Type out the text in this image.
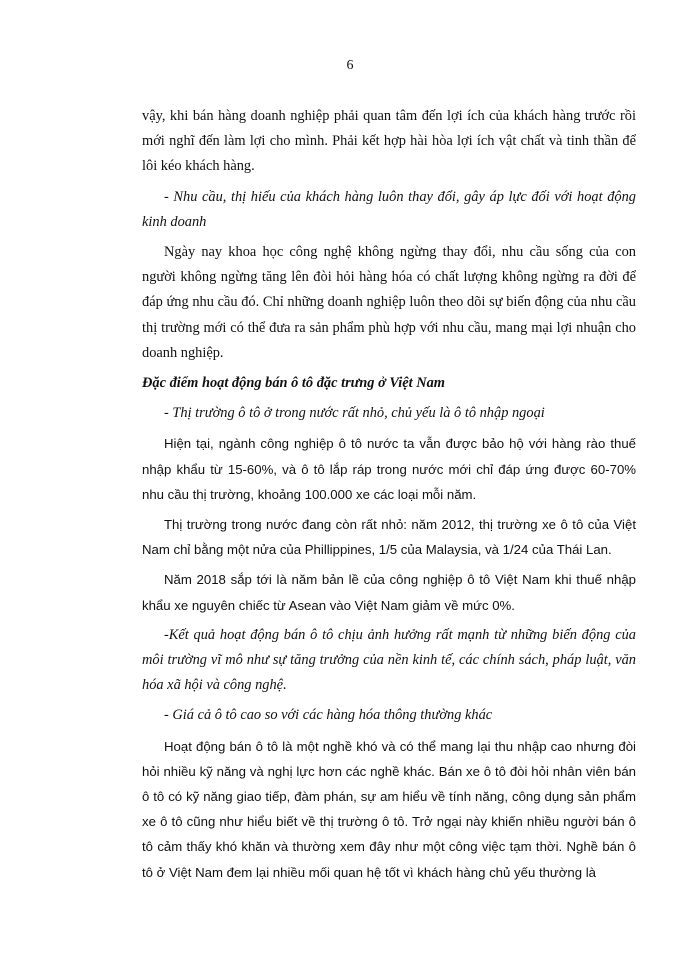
6

vậy, khi bán hàng doanh nghiệp phải quan tâm đến lợi ích của khách hàng trước rồi mới nghĩ đến làm lợi cho mình. Phải kết hợp hài hòa lợi ích vật chất và tinh thần để lôi kéo khách hàng.

- Nhu cầu, thị hiếu của khách hàng luôn thay đổi, gây áp lực đối với hoạt động kinh doanh

Ngày nay khoa học công nghệ không ngừng thay đổi, nhu cầu sống của con người không ngừng tăng lên đòi hỏi hàng hóa có chất lượng không ngừng ra đời để đáp ứng nhu cầu đó. Chỉ những doanh nghiệp luôn theo dõi sự biến động của nhu cầu thị trường mới có thể đưa ra sản phẩm phù hợp với nhu cầu, mang mại lợi nhuận cho doanh nghiệp.

Đặc điểm hoạt động bán ô tô đặc trưng ở Việt Nam

- Thị trường ô tô ở trong nước rất nhỏ, chủ yếu là ô tô nhập ngoại

Hiện tại, ngành công nghiệp ô tô nước ta vẫn được bảo hộ với hàng rào thuế nhập khẩu từ 15-60%, và ô tô lắp ráp trong nước mới chỉ đáp ứng được 60-70% nhu cầu thị trường, khoảng 100.000 xe các loại mỗi năm.

Thị trường trong nước đang còn rất nhỏ: năm 2012, thị trường xe ô tô của Việt Nam chỉ bằng một nửa của Phillippines, 1/5 của Malaysia, và 1/24 của Thái Lan.

Năm 2018 sắp tới là năm bản lề của công nghiệp ô tô Việt Nam khi thuế nhập khẩu xe nguyên chiếc từ Asean vào Việt Nam giảm về mức 0%.

-Kết quả hoạt động bán ô tô chịu ảnh hưởng rất mạnh từ những biến động của môi trường vĩ mô như sự tăng trưởng của nền kinh tế, các chính sách, pháp luật, văn hóa xã hội và công nghệ.

- Giá cả ô tô cao so với các hàng hóa thông thường khác

Hoạt động bán ô tô là một nghề khó và có thể mang lại thu nhập cao nhưng đòi hỏi nhiều kỹ năng và nghị lực hơn các nghề khác. Bán xe ô tô đòi hỏi nhân viên bán ô tô có kỹ năng giao tiếp, đàm phán, sự am hiểu về tính năng, công dụng sản phẩm xe ô tô cũng như hiểu biết về thị trường ô tô. Trở ngại này khiến nhiều người bán ô tô cảm thấy khó khăn và thường xem đây như một công việc tạm thời. Nghề bán ô tô ở Việt Nam đem lại nhiều mối quan hệ tốt vì khách hàng chủ yếu thường là
